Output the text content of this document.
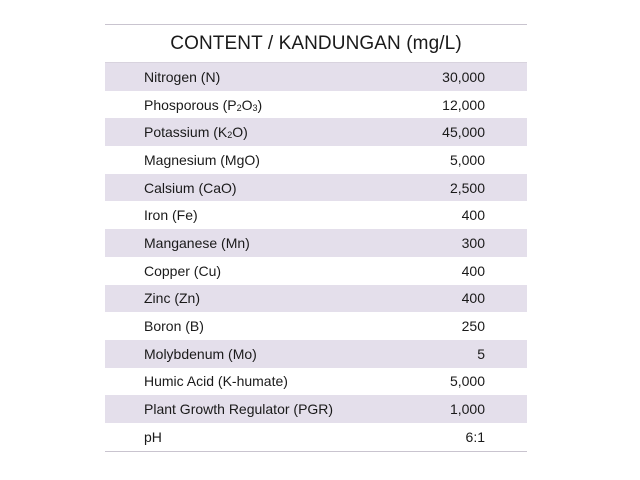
CONTENT / KANDUNGAN (mg/L)
Nitrogen (N)	30,000
Phosporous $(P_2O_3)$	12,000
Potassium $(K_2O)$	45,000
Magnesium (MgO)	5,000
Calsium (CaO)	2,500
Iron (Fe)	400
Manganese (Mn)	300
Copper (Cu)	400
Zinc (Zn)	400
Boron (B)	250
Molybdenum (Mo)	5
Humic Acid (K-humate)	5,000
Plant Growth Regulator (PGR)	1,000
pH	6:1
